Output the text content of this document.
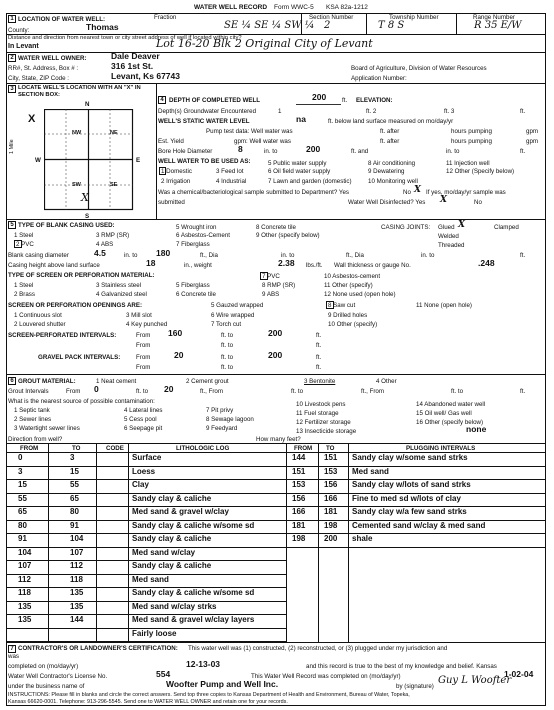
WATER WELL RECORD Form WWC-5 KSA 82a-1212
1 LOCATION OF WATER WELL:	Fraction	Section Number	Township Number	Range Number
County:	Thomas	SE ¼ SE ¼ SW ¼ 2	T 8 S	R 35 E/W
Distance and direction from nearest town or city street address of well if located within city?
In Levant	Lot 16-20 Blk 2 Original City of Levant
2 WATER WELL OWNER:	Dale Deaver
RR#, St. Address, Box # :	316 1st St.
City, State, ZIP Code :	Levant, Ks 67743
Board of Agriculture, Division of Water Resources
Application Number:
3 LOCATE WELL'S LOCATION WITH AN "X" IN SECTION BOX:
N
S
W	E
X
1 Mile
NW	NE
SW	SE
X
4 DEPTH OF COMPLETED WELL	200	ft. ELEVATION:
Depth(s) Groundwater Encountered	1	ft. 2	ft. 3	ft.
WELL'S STATIC WATER LEVEL	na	ft. below land surface measured on mo/day/yr
Pump test data: Well water was	ft. after	hours pumping	gpm
Est. Yield	gpm: Well water was	ft. after	hours pumping	gpm
Bore Hole Diameter	8	in. to	200	ft. and	in. to	ft.
WELL WATER TO BE USED AS:
1 Domestic	3 Feed lot
5 Public water supply	8 Air conditioning	11 Injection well
2 Irrigation	4 Industrial
6 Oil field water supply	9 Dewatering	12 Other (Specify below)
7 Lawn and garden (domestic)	10 Monitoring well
Was a chemical/bacteriological sample submitted to Department? Yes	No X If yes, mo/day/yr sample was
submitted	Water Well Disinfected? Yes X	No
5 TYPE OF BLANK CASING USED:
1 Steel	3 RMP (SR)
5 Wrought iron
6 Asbestos-Cement
8 Concrete tile
9 Other (specify below)
2 PVC	4 ABS	7 Fiberglass
CASING JOINTS: Glued X	Clamped
Welded
Threaded
Blank casing diameter	4.5	in. to 180	ft., Dia	in. to	ft., Dia	in. to	ft.
Casing height above land surface	18	in., weight	2.38 lbs./ft. Wall thickness or gauge No.	.248
TYPE OF SCREEN OR PERFORATION MATERIAL:
1 Steel	3 Stainless steel	5 Fiberglass
7 PVC	10 Asbestos-cement
2 Brass	4 Galvanized steel	6 Concrete tile
8 RMP (SR)	11 Other (specify)
9 ABS	12 None used (open hole)
SCREEN OR PERFORATION OPENINGS ARE:	5 Gauzed wrapped	8 Saw cut	11 None (open hole)
1 Continuous slot	3 Mill slot	6 Wire wrapped	9 Drilled holes
2 Louvered shutter	4 Key punched	7 Torch cut	10 Other (specify)
SCREEN-PERFORATED INTERVALS:	From 160	ft. to	200	ft.
From	ft. to	ft.
GRAVEL PACK INTERVALS:	From	20	ft. to	200	ft.
From	ft. to	ft.
6 GROUT MATERIAL:	1 Neat cement	2 Cement grout	3 Bentonite	4 Other
Grout Intervals	From 0	ft. to 20	ft., From	ft. to	ft., From	ft. to	ft.
What is the nearest source of possible contamination:
1 Septic tank	4 Lateral lines	7 Pit privy
10 Livestock pens	14 Abandoned water well
2 Sewer lines	5 Cess pool	8 Sewage lagoon
11 Fuel storage	15 Oil well/ Gas well
3 Watertight sewer lines	6 Seepage pit	9 Feedyard
12 Fertilizer storage	16 Other (specify below)
13 Insecticide storage	none
Direction from well?	How many feet?
FROM	TO	CODE	LITHOLOGIC LOG	FROM TO	PLUGGING INTERVALS
7 CONTRACTOR'S OR LANDOWNER'S CERTIFICATION: This water well was (1) constructed, (2) reconstructed, or (3) plugged under my jurisdiction and
was
completed on (mo/day/yr)	12-13-03	and this record is true to the best of my knowledge and belief. Kansas
Water Well Contractor's License No.	554	This Water Well Record was completed on (mo/day/yr)	1-02-04
under the business name of	Woofter Pump and Well Inc.	by (signature)
Guy L Woofter
INSTRUCTIONS: Please fill in blanks and circle the correct answers. Send top three copies to Kansas Department of Health and Environment, Bureau of Water, Topeka,
Kansas 66620-0001. Telephone: 913-296-5545. Send one to WATER WELL OWNER and retain one for your records.
0	3	Surface
3	15	Loess
15	55	Clay
55	65	Sandy clay & caliche
65	80	Med sand & gravel w/clay
80	91	Sandy clay & caliche w/some sd
91	104	Sandy clay & caliche
104	107	Med sand w/clay
107	112	Sandy clay & caliche
112	118	Med sand
118	135	Sandy clay & caliche w/some sd
135	135	Med sand w/clay strks
135	144	Med sand & gravel w/clay layers
Fairly loose
144 151 Sandy clay w/some sand strks
151 153 Med sand
153 156 Sandy clay w/lots of sand strks
156 166 Fine to med sd w/lots of clay
166 181 Sandy clay w/a few sand strks
181 198 Cemented sand w/clay & med sand
198 200 shale
